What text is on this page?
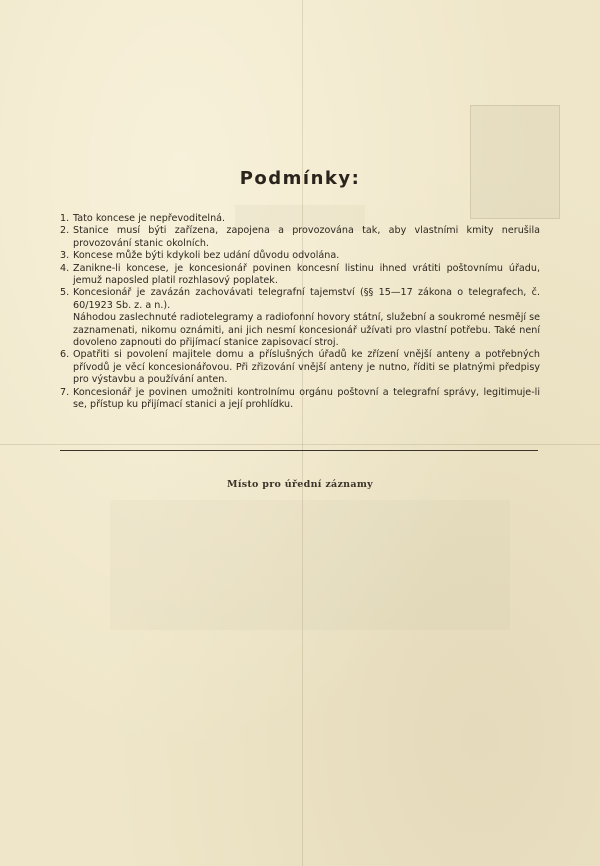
Podmínky:
1. Tato koncese je nepřevoditelná.
2. Stanice musí býti zařízena, zapojena a provozována tak, aby vlastními kmity nerušila provozování stanic okolních.
3. Koncese může býti kdykoli bez udání důvodu odvolána.
4. Zanikne-li koncese, je koncesionář povinen koncesní listinu ihned vrátiti poštovnímu úřadu, jemuž naposled platil rozhlasový poplatek.
5. Koncesionář je zavázán zachovávati telegrafní tajemství (§§ 15—17 zákona o telegrafech, č. 60/1923 Sb. z. a n.).
Náhodou zaslechnuté radiotelegramy a radiofonní hovory státní, služební a soukromé nesmějí se zaznamenati, nikomu oznámiti, ani jich nesmí koncesionář užívati pro vlastní potřebu. Také není dovoleno zapnouti do přijímací stanice zapisovací stroj.
6. Opatřiti si povolení majitele domu a příslušných úřadů ke zřízení vnější anteny a potřebných přívodů je věcí koncesionářovou. Při zřizování vnější anteny je nutno, říditi se platnými předpisy pro výstavbu a používání anten.
7. Koncesionář je povinen umožniti kontrolnímu orgánu poštovní a telegrafní správy, legitimuje-li se, přístup ku přijímací stanici a její prohlídku.
Místo pro úřední záznamy
